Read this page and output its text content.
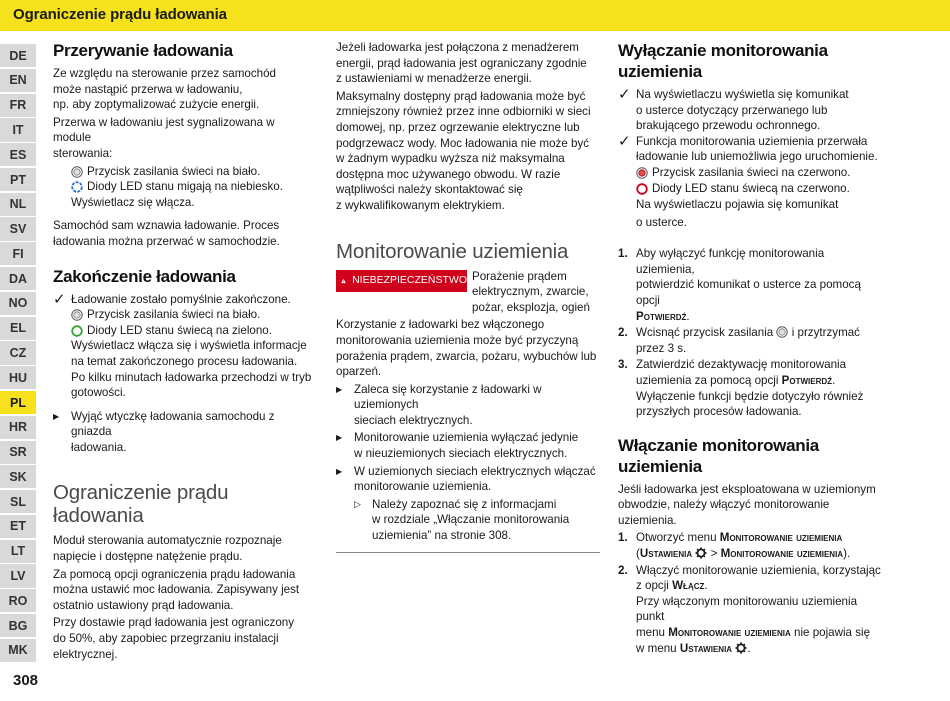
Ograniczenie prądu ładowania
DE
EN
FR
IT
ES
PT
NL
SV
FI
DA
NO
EL
CZ
HU
PL
HR
SR
SK
SL
ET
LT
LV
RO
BG
MK
308
Przerywanie ładowania

Ze względu na sterowanie przez samochód
może nastąpić przerwa w ładowaniu,
np. aby zoptymalizować zużycie energii.

Przerwa w ładowaniu jest sygnalizowana w module
sterowania:

Przycisk zasilania świeci na biało.
Diody LED stanu migają na niebiesko.
Wyświetlacz się włącza.

Samochód sam wznawia ładowanie. Proces
ładowania można przerwać w samochodzie.

Zakończenie ładowania
✓ Ładowanie zostało pomyślnie zakończone.
Przycisk zasilania świeci na biało.
Diody LED stanu świecą na zielono.
Wyświetlacz włącza się i wyświetla informacje
na temat zakończonego procesu ładowania.
Po kilku minutach ładowarka przechodzi w tryb
gotowości.
▶	Wyjąć wtyczkę ładowania samochodu z gniazda
ładowania.
Ograniczenie prądu
ładowania

Moduł sterowania automatycznie rozpoznaje
napięcie i dostępne natężenie prądu.

Za pomocą opcji ograniczenia prądu ładowania
można ustawić moc ładowania. Zapisywany jest
ostatnio ustawiony prąd ładowania.

Przy dostawie prąd ładowania jest ograniczony
do 50%, aby zapobiec przegrzaniu instalacji
elektrycznej.

Jeżeli ładowarka jest połączona z menadżerem
energii, prąd ładowania jest ograniczany zgodnie
z ustawieniami w menadżerze energii.

Maksymalny dostępny prąd ładowania może być
zmniejszony również przez inne odbiorniki w sieci
domowej, np. przez ogrzewanie elektryczne lub
podgrzewacz wody. Moc ładowania nie może być
w żadnym wypadku wyższa niż maksymalna
dostępna moc używanego obwodu. W razie
wątpliwości należy skontaktować się
z wykwalifikowanym elektrykiem.

Monitorowanie uziemienia
NIEBEZPIECZEŃSTWO Porażenie prądem
elektrycznym, zwarcie,
pożar, eksplozja, ogień

Korzystanie z ładowarki bez włączonego
monitorowania uziemienia może być przyczyną
porażenia prądem, zwarcia, pożaru, wybuchów lub
oparzeń.

▶	Zaleca się korzystanie z ładowarki w uziemionych
sieciach elektrycznych.
▶	Monitorowanie uziemienia wyłączać jedynie
w nieuziemionych sieciach elektrycznych.
▶	W uziemionych sieciach elektrycznych włączać
monitorowanie uziemienia.
▷ Należy zapoznać się z informacjami
w rozdziale „Włączanie monitorowania
uziemienia” na stronie 308.
Wyłączanie monitorowania
uziemienia
✓ Na wyświetlaczu wyświetla się komunikat
o usterce dotyczący przerwanego lub
brakującego przewodu ochronnego.
✓ Funkcja monitorowania uziemienia przerwała
ładowanie lub uniemożliwia jego uruchomienie.
Przycisk zasilania świeci na czerwono.
Diody LED stanu świecą na czerwono.
Na wyświetlaczu pojawia się komunikat
o usterce.
1. Aby wyłączyć funkcję monitorowania uziemienia,
potwierdzić komunikat o usterce za pomocą opcji
Potwierdź.
2. Wcisnąć przycisk zasilania i przytrzymać
przez 3 s.
3. Zatwierdzić dezaktywację monitorowania
uziemienia za pomocą opcji Potwierdź.
Wyłączenie funkcji będzie dotyczyło również
przyszłych procesów ładowania.
Włączanie monitorowania
uziemienia

Jeśli ładowarka jest eksploatowana w uziemionym
obwodzie, należy włączyć monitorowanie uziemienia.

1. Otworzyć menu Monitorowanie uziemienia
(Ustawienia  > Monitorowanie uziemienia).
2. Włączyć monitorowanie uziemienia, korzystając
z opcji Włącz.
Przy włączonym monitorowaniu uziemienia punkt
menu Monitorowanie uziemienia nie pojawia się
w menu Ustawienia .
